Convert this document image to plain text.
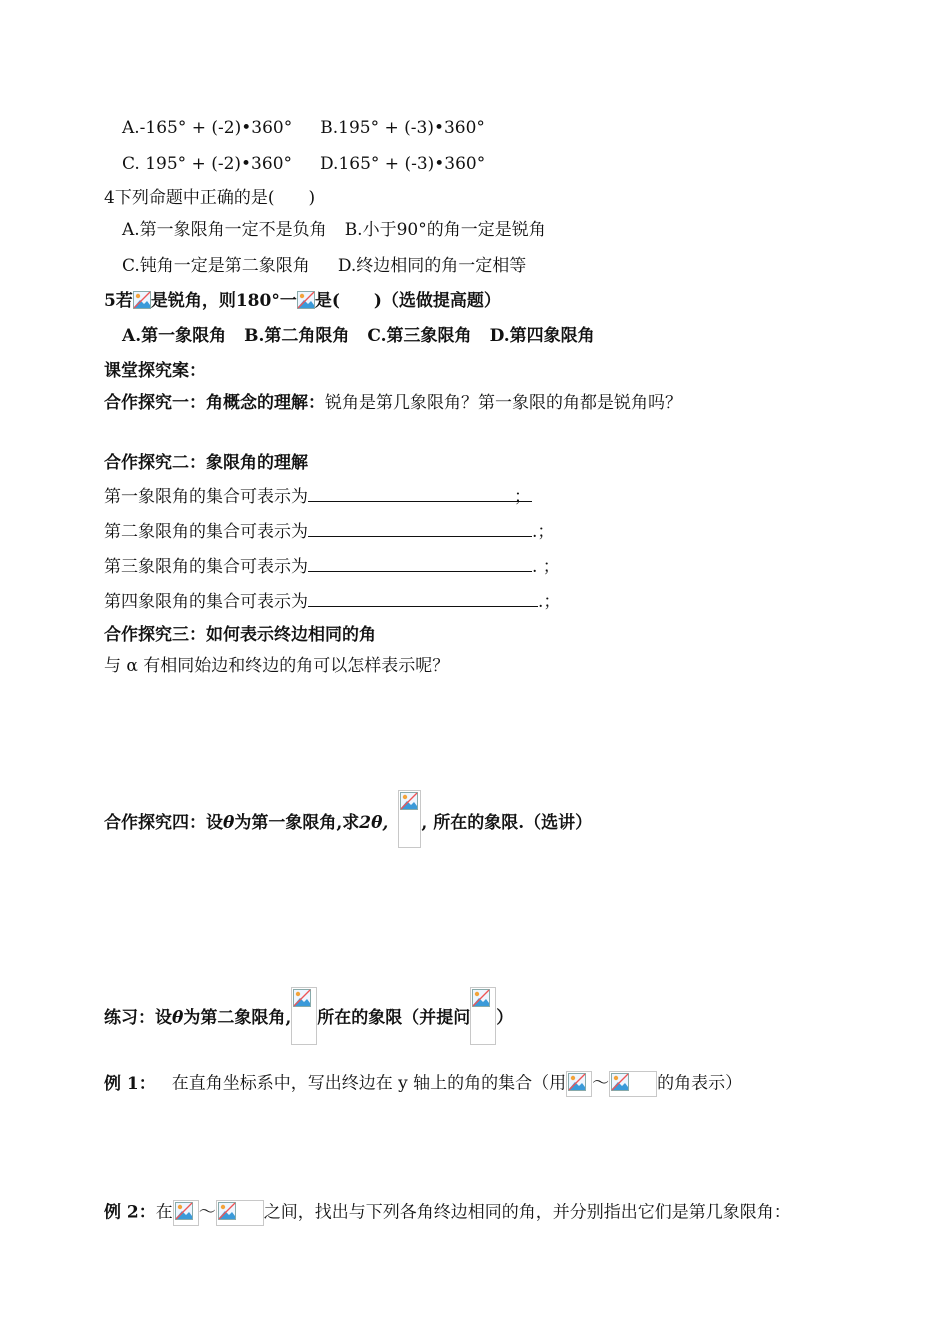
A.-165° + (-2)•360° B.195° + (-3)•360°
C. 195° + (-2)•360° D.165° + (-3)•360°
4下列命题中正确的是(　　)
A.第一象限角一定不是负角 B.小于90°的角一定是锐角
C.钝角一定是第二象限角 D.终边相同的角一定相等
5若 是锐角，则180°一 是(　　)（选做提高题）
A.第一象限角 B.第二角限角 C.第三象限角 D.第四象限角
课堂探究案：
合作探究一：角概念的理解：锐角是第几象限角？第一象限的角都是锐角吗？
合作探究二：象限角的理解
第一象限角的集合可表示为	；
第二象限角的集合可表示为	.；
第三象限角的集合可表示为	. ；
第四象限角的集合可表示为	.；
合作探究三：如何表示终边相同的角
与 α 有相同始边和终边的角可以怎样表示呢？
合作探究四：设θ为第一象限角,求2θ, , 所在的象限.（选讲）
练习：设θ为第二象限角, 所在的象限（并提问 ）
例 1： 在直角坐标系中，写出终边在 y 轴上的角的集合（用 ～	的角表示）
例 2：在 ～	之间，找出与下列各角终边相同的角，并分别指出它们是第几象限角：
